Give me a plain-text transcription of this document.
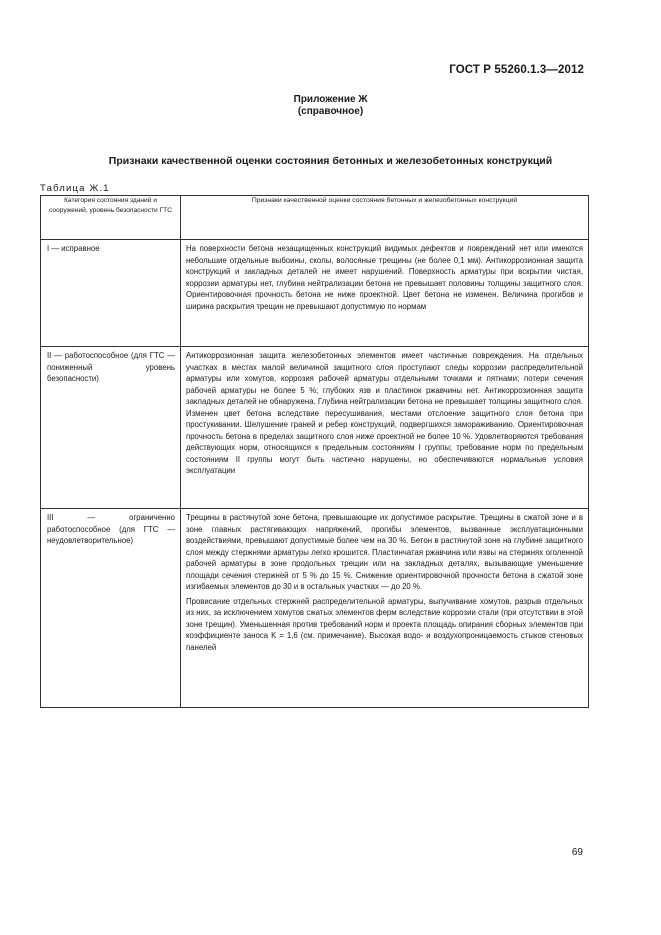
ГОСТ Р 55260.1.3—2012
Приложение Ж
(справочное)
Признаки качественной оценки состояния бетонных и железобетонных конструкций
Таблица Ж.1
Категория состояния зданий и сооружений, уровень безопасности ГТС	Признаки качественной оценки состояния бетонных и железобетонных конструкций
I — исправное	На поверхности бетона незащищенных конструкций видимых дефектов и повреждений нет или имеются небольшие отдельные выбоины, сколы, волосяные трещины (не более 0,1 мм). Антикоррозионная защита конструкций и закладных деталей не имеет нарушений. Поверхность арматуры при вскрытии чистая, коррозии арматуры нет, глубина нейтрализации бетона не превышает половины толщины защитного слоя. Ориентировочная прочность бетона не ниже проектной. Цвет бетона не изменен. Величина прогибов и ширина раскрытия трещин не превышают допустимую по нормам

II — работоспособное (для ГТС — пониженный уровень безопасности)	Антикоррозионная защита железобетонных элементов имеет частичные повреждения. На отдельных участках в местах малой величиной защитного слоя проступают следы коррозии распределительной арматуры или хомутов, коррозия рабочей арматуры отдельными точками и пятнами; потери сечения рабочей арматуры не более 5 %; глубоких язв и пластинок ржавчины нет. Антикоррозионная защита закладных деталей не обнаружена. Глубина нейтрализации бетона не превышает толщины защитного слоя. Изменен цвет бетона вследствие пересушивания, местами отслоение защитного слоя бетона при простукивании. Шелушение граней и ребер конструкций, подвергшихся замораживанию. Ориентировочная прочность бетона в пределах защитного слоя ниже проектной не более 10 %. Удовлетворяются требования действующих норм, относящихся к предельным состояниям I группы; требование норм по предельным состояниям II группы могут быть частично нарушены, но обеспечиваются нормальные условия эксплуатации

III — ограниченно работоспособное (для ГТС — неудовлетворительное)	Трещины в растянутой зоне бетона, превышающие их допустимое раскрытие. Трещины в сжатой зоне и в зоне главных растягивающих напряжений, прогибы элементов, вызванные эксплуатационными воздействиями, превышают допустимые более чем на 30 %. Бетон в растянутой зоне на глубине защитного слоя между стержнями арматуры легко крошится. Пластинчатая ржавчина или язвы на стержнях оголенной рабочей арматуры в зоне продольных трещин или на закладных деталях, вызывающие уменьшение площади сечения стержней от 5 % до 15 %. Снижение ориентировочной прочности бетона в сжатой зоне изгибаемых элементов до 30 и в остальных участках — до 20 %.

Провисание отдельных стержней распределительной арматуры, выпучивание хомутов, разрыв отдельных из них, за исключением хомутов сжатых элементов ферм вследствие коррозии стали (при отсутствии в этой зоне трещин). Уменьшенная против требований норм и проекта площадь опирания сборных элементов при коэффициенте заноса K = 1,6 (см. примечание). Высокая водо- и воздухопроницаемость стыков стеновых панелей

69
